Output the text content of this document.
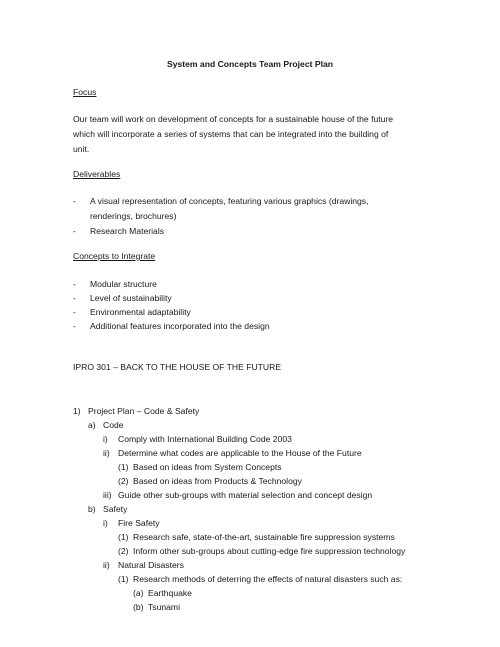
System and Concepts Team Project Plan
Focus
Our team will work on development of concepts for a sustainable house of the future
which will incorporate a series of systems that can be integrated into the building of
unit.
Deliverables
- A visual representation of concepts, featuring various graphics (drawings,
renderings, brochures)
- Research Materials
Concepts to Integrate
- Modular structure
- Level of sustainability
- Environmental adaptability
- Additional features incorporated into the design
IPRO 301 – BACK TO THE HOUSE OF THE FUTURE
1) Project Plan – Code & Safety
a) Code
i) Comply with International Building Code 2003
ii) Determine what codes are applicable to the House of the Future
(1) Based on ideas from System Concepts
(2) Based on ideas from Products & Technology
iii) Guide other sub-groups with material selection and concept design
b) Safety
i) Fire Safety
(1) Research safe, state-of-the-art, sustainable fire suppression systems
(2) Inform other sub-groups about cutting-edge fire suppression technology
ii) Natural Disasters
(1) Research methods of deterring the effects of natural disasters such as:
(a) Earthquake
(b) Tsunami
